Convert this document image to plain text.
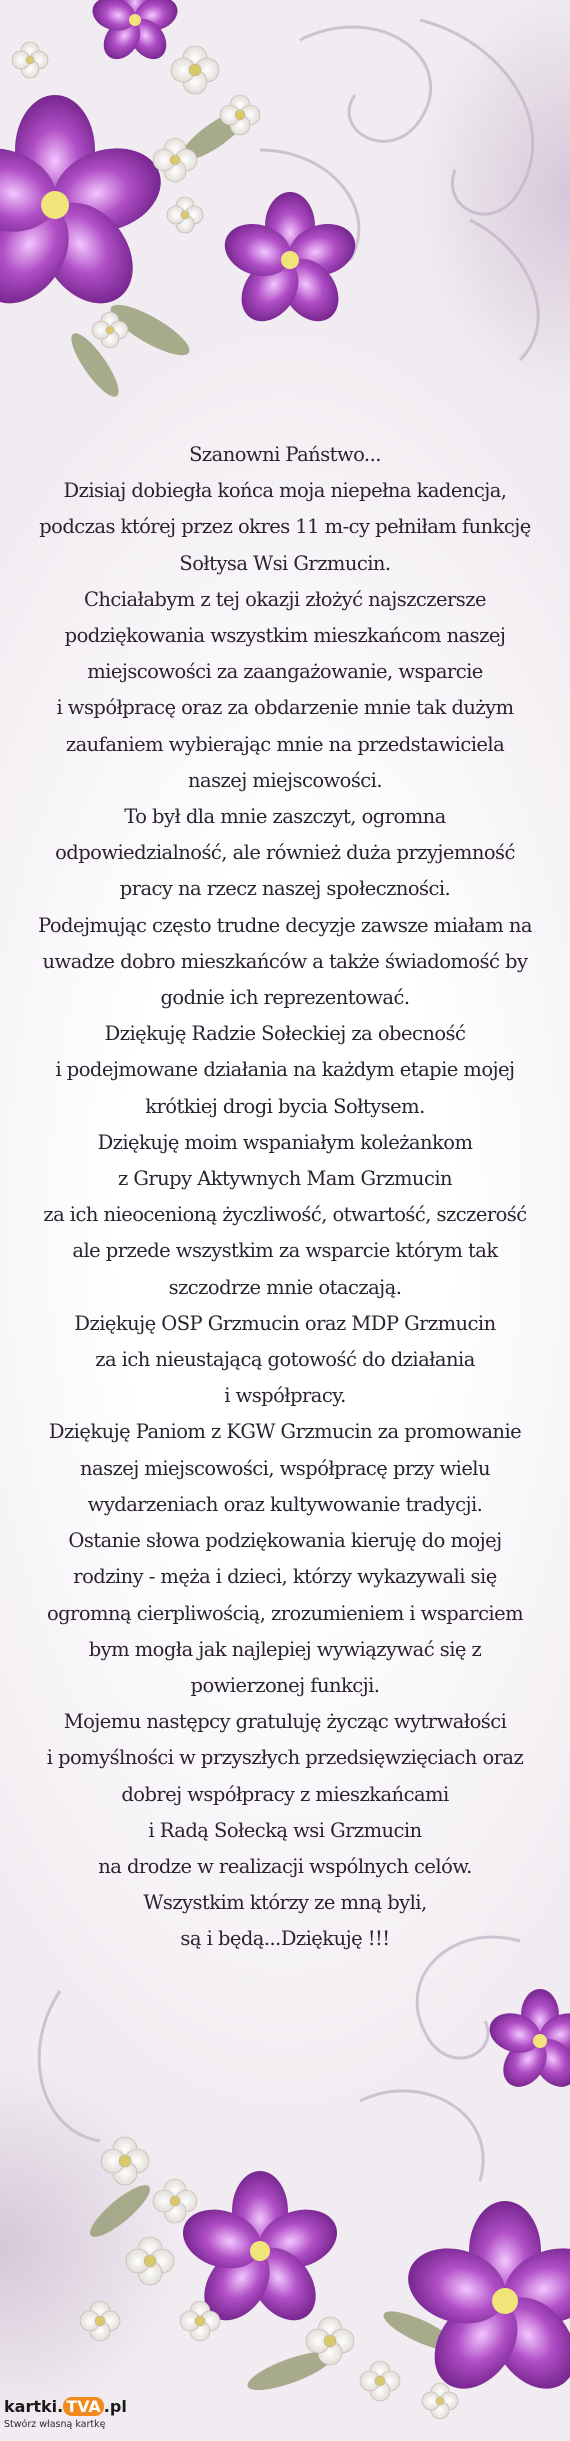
Szanowni Państwo...
Dzisiaj dobiegła końca moja niepełna kadencja,
podczas której przez okres 11 m-cy pełniłam funkcję
Sołtysa Wsi Grzmucin.
Chciałabym z tej okazji złożyć najszczersze
podziękowania wszystkim mieszkańcom naszej
miejscowości za zaangażowanie, wsparcie
i współpracę oraz za obdarzenie mnie tak dużym
zaufaniem wybierając mnie na przedstawiciela
naszej miejscowości.
To był dla mnie zaszczyt, ogromna
odpowiedzialność, ale również duża przyjemność
pracy na rzecz naszej społeczności.
Podejmując często trudne decyzje zawsze miałam na
uwadze dobro mieszkańców a także świadomość by
godnie ich reprezentować.
Dziękuję Radzie Sołeckiej za obecność
i podejmowane działania na każdym etapie mojej
krótkiej drogi bycia Sołtysem.
Dziękuję moim wspaniałym koleżankom
z Grupy Aktywnych Mam Grzmucin
za ich nieocenioną życzliwość, otwartość, szczerość
ale przede wszystkim za wsparcie którym tak
szczodrze mnie otaczają.
Dziękuję OSP Grzmucin oraz MDP Grzmucin
za ich nieustającą gotowość do działania
i współpracy.
Dziękuję Paniom z KGW Grzmucin za promowanie
naszej miejscowości, współpracę przy wielu
wydarzeniach oraz kultywowanie tradycji.
Ostanie słowa podziękowania kieruję do mojej
rodziny - męża i dzieci, którzy wykazywali się
ogromną cierpliwością, zrozumieniem i wsparciem
bym mogła jak najlepiej wywiązywać się z
powierzonej funkcji.
Mojemu następcy gratuluję życząc wytrwałości
i pomyślności w przyszłych przedsięwzięciach oraz
dobrej współpracy z mieszkańcami
i Radą Sołecką wsi Grzmucin
na drodze w realizacji wspólnych celów.
Wszystkim którzy ze mną byli,
są i będą...Dziękuję !!!

kartki. TVA .pl
Stwórz własną kartkę
